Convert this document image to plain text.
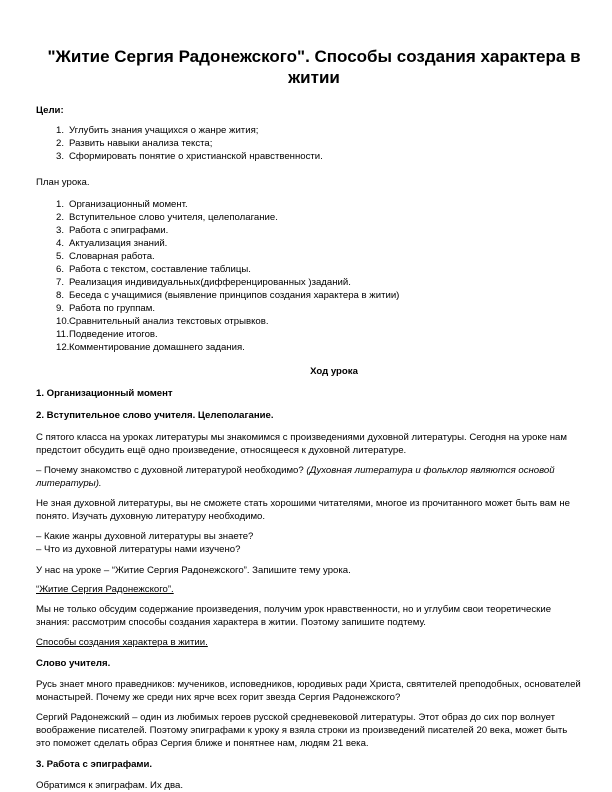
"Житие Сергия Радонежского". Способы создания характера в житии
Цели:
1. Углубить знания учащихся о жанре жития;
2. Развить навыки анализа текста;
3. Сформировать понятие о христианской нравственности.
План урока.
1. Организационный момент.
2. Вступительное слово учителя, целеполагание.
3. Работа с эпиграфами.
4. Актуализация знаний.
5. Словарная работа.
6. Работа с текстом, составление таблицы.
7. Реализация индивидуальных(дифференцированных )заданий.
8. Беседа с учащимися (выявление принципов создания характера в житии)
9. Работа по группам.
10. Сравнительный анализ текстовых отрывков.
11. Подведение итогов.
12. Комментирование домашнего задания.
Ход урока
1. Организационный момент
2. Вступительное слово учителя. Целеполагание.

С пятого класса на уроках литературы мы знакомимся с произведениями духовной литературы. Сегодня на уроке нам предстоит обсудить ещё одно произведение, относящееся к духовной литературе.

– Почему знакомство с духовной литературой необходимо? (Духовная литература и фольклор являются основой литературы).

Не зная духовной литературы, вы не сможете стать хорошими читателями, многое из прочитанного может быть вам не понято. Изучать духовную литературу необходимо.

– Какие жанры духовной литературы вы знаете?

– Что из духовной литературы нами изучено?

У нас на уроке – “Житие Сергия Радонежского”. Запишите тему урока.

“Житие Сергия Радонежского”.

Мы не только обсудим содержание произведения, получим урок нравственности, но и углубим свои теоретические знания: рассмотрим способы создания характера в житии. Поэтому запишите подтему.

Способы создания характера в житии.

Слово учителя.

Русь знает много праведников: мучеников, исповедников, юродивых ради Христа, святителей преподобных, основателей монастырей. Почему же среди них ярче всех горит звезда Сергия Радонежского?

Сергий Радонежский – один из любимых героев русской средневековой литературы. Этот образ до сих пор волнует воображение писателей. Поэтому эпиграфами к уроку я взяла строки из произведений писателей 20 века, может быть это поможет сделать образ Сергия ближе и понятнее нам, людям 21 века.

3. Работа с эпиграфами.

Обратимся к эпиграфам. Их два.
